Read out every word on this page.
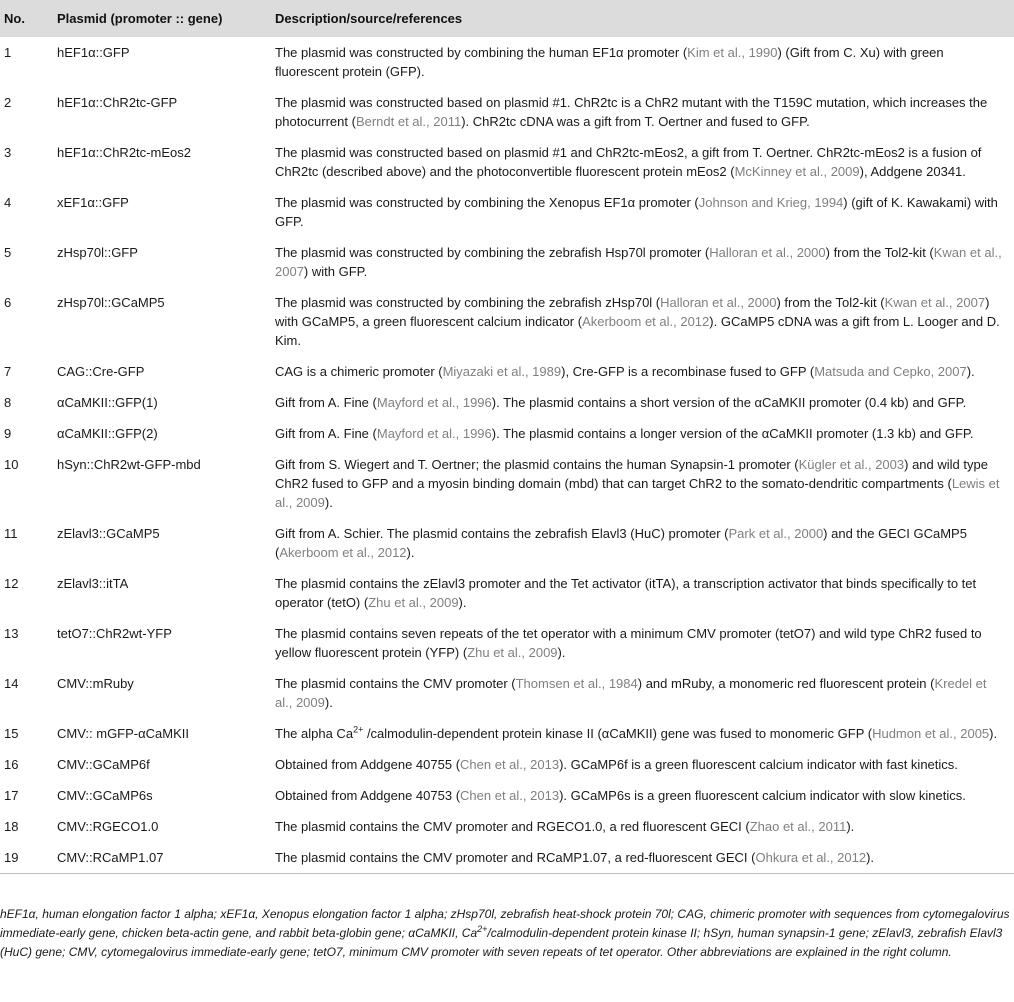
No.	Plasmid (promoter :: gene)	Description/source/references
1	hEF1α::GFP	The plasmid was constructed by combining the human EF1α promoter (Kim et al., 1990) (Gift from C. Xu) with green fluorescent protein (GFP).
2	hEF1α::ChR2tc-GFP	The plasmid was constructed based on plasmid #1. ChR2tc is a ChR2 mutant with the T159C mutation, which increases the photocurrent (Berndt et al., 2011). ChR2tc cDNA was a gift from T. Oertner and fused to GFP.
3	hEF1α::ChR2tc-mEos2	The plasmid was constructed based on plasmid #1 and ChR2tc-mEos2, a gift from T. Oertner. ChR2tc-mEos2 is a fusion of ChR2tc (described above) and the photoconvertible fluorescent protein mEos2 (McKinney et al., 2009), Addgene 20341.
4	xEF1α::GFP	The plasmid was constructed by combining the Xenopus EF1α promoter (Johnson and Krieg, 1994) (gift of K. Kawakami) with GFP.
5	zHsp70l::GFP	The plasmid was constructed by combining the zebrafish Hsp70l promoter (Halloran et al., 2000) from the Tol2-kit (Kwan et al., 2007) with GFP.
6	zHsp70l::GCaMP5	The plasmid was constructed by combining the zebrafish zHsp70l (Halloran et al., 2000) from the Tol2-kit (Kwan et al., 2007) with GCaMP5, a green fluorescent calcium indicator (Akerboom et al., 2012). GCaMP5 cDNA was a gift from L. Looger and D. Kim.
7	CAG::Cre-GFP	CAG is a chimeric promoter (Miyazaki et al., 1989), Cre-GFP is a recombinase fused to GFP (Matsuda and Cepko, 2007).
8	αCaMKII::GFP(1)	Gift from A. Fine (Mayford et al., 1996). The plasmid contains a short version of the αCaMKII promoter (0.4 kb) and GFP.
9	αCaMKII::GFP(2)	Gift from A. Fine (Mayford et al., 1996). The plasmid contains a longer version of the αCaMKII promoter (1.3 kb) and GFP.
10	hSyn::ChR2wt-GFP-mbd	Gift from S. Wiegert and T. Oertner; the plasmid contains the human Synapsin-1 promoter (Kügler et al., 2003) and wild type ChR2 fused to GFP and a myosin binding domain (mbd) that can target ChR2 to the somato-dendritic compartments (Lewis et al., 2009).
11	zElavl3::GCaMP5	Gift from A. Schier. The plasmid contains the zebrafish Elavl3 (HuC) promoter (Park et al., 2000) and the GECI GCaMP5 (Akerboom et al., 2012).
12	zElavl3::itTA	The plasmid contains the zElavl3 promoter and the Tet activator (itTA), a transcription activator that binds specifically to tet operator (tetO) (Zhu et al., 2009).
13	tetO7::ChR2wt-YFP	The plasmid contains seven repeats of the tet operator with a minimum CMV promoter (tetO7) and wild type ChR2 fused to yellow fluorescent protein (YFP) (Zhu et al., 2009).
14	CMV::mRuby	The plasmid contains the CMV promoter (Thomsen et al., 1984) and mRuby, a monomeric red fluorescent protein (Kredel et al., 2009).
15	CMV:: mGFP-αCaMKII	The alpha $Ca^{2+}$ /calmodulin-dependent protein kinase II (αCaMKII) gene was fused to monomeric GFP (Hudmon et al., 2005).
16	CMV::GCaMP6f	Obtained from Addgene 40755 (Chen et al., 2013). GCaMP6f is a green fluorescent calcium indicator with fast kinetics.
17	CMV::GCaMP6s	Obtained from Addgene 40753 (Chen et al., 2013). GCaMP6s is a green fluorescent calcium indicator with slow kinetics.
18	CMV::RGECO1.0	The plasmid contains the CMV promoter and RGECO1.0, a red fluorescent GECI (Zhao et al., 2011).
19	CMV::RCaMP1.07	The plasmid contains the CMV promoter and RCaMP1.07, a red-fluorescent GECI (Ohkura et al., 2012).
hEF1α, human elongation factor 1 alpha; xEF1α, Xenopus elongation factor 1 alpha; zHsp70l, zebrafish heat-shock protein 70l; CAG, chimeric promoter with sequences from cytomegalovirus immediate-early gene, chicken beta-actin gene, and rabbit beta-globin gene; αCaMKII, $Ca^{2+}/calmodulin$-dependent protein kinase II; hSyn, human synapsin-1 gene; zElavl3, zebrafish Elavl3 (HuC) gene; CMV, cytomegalovirus immediate-early gene; tetO7, minimum CMV promoter with seven repeats of tet operator. Other abbreviations are explained in the right column.
